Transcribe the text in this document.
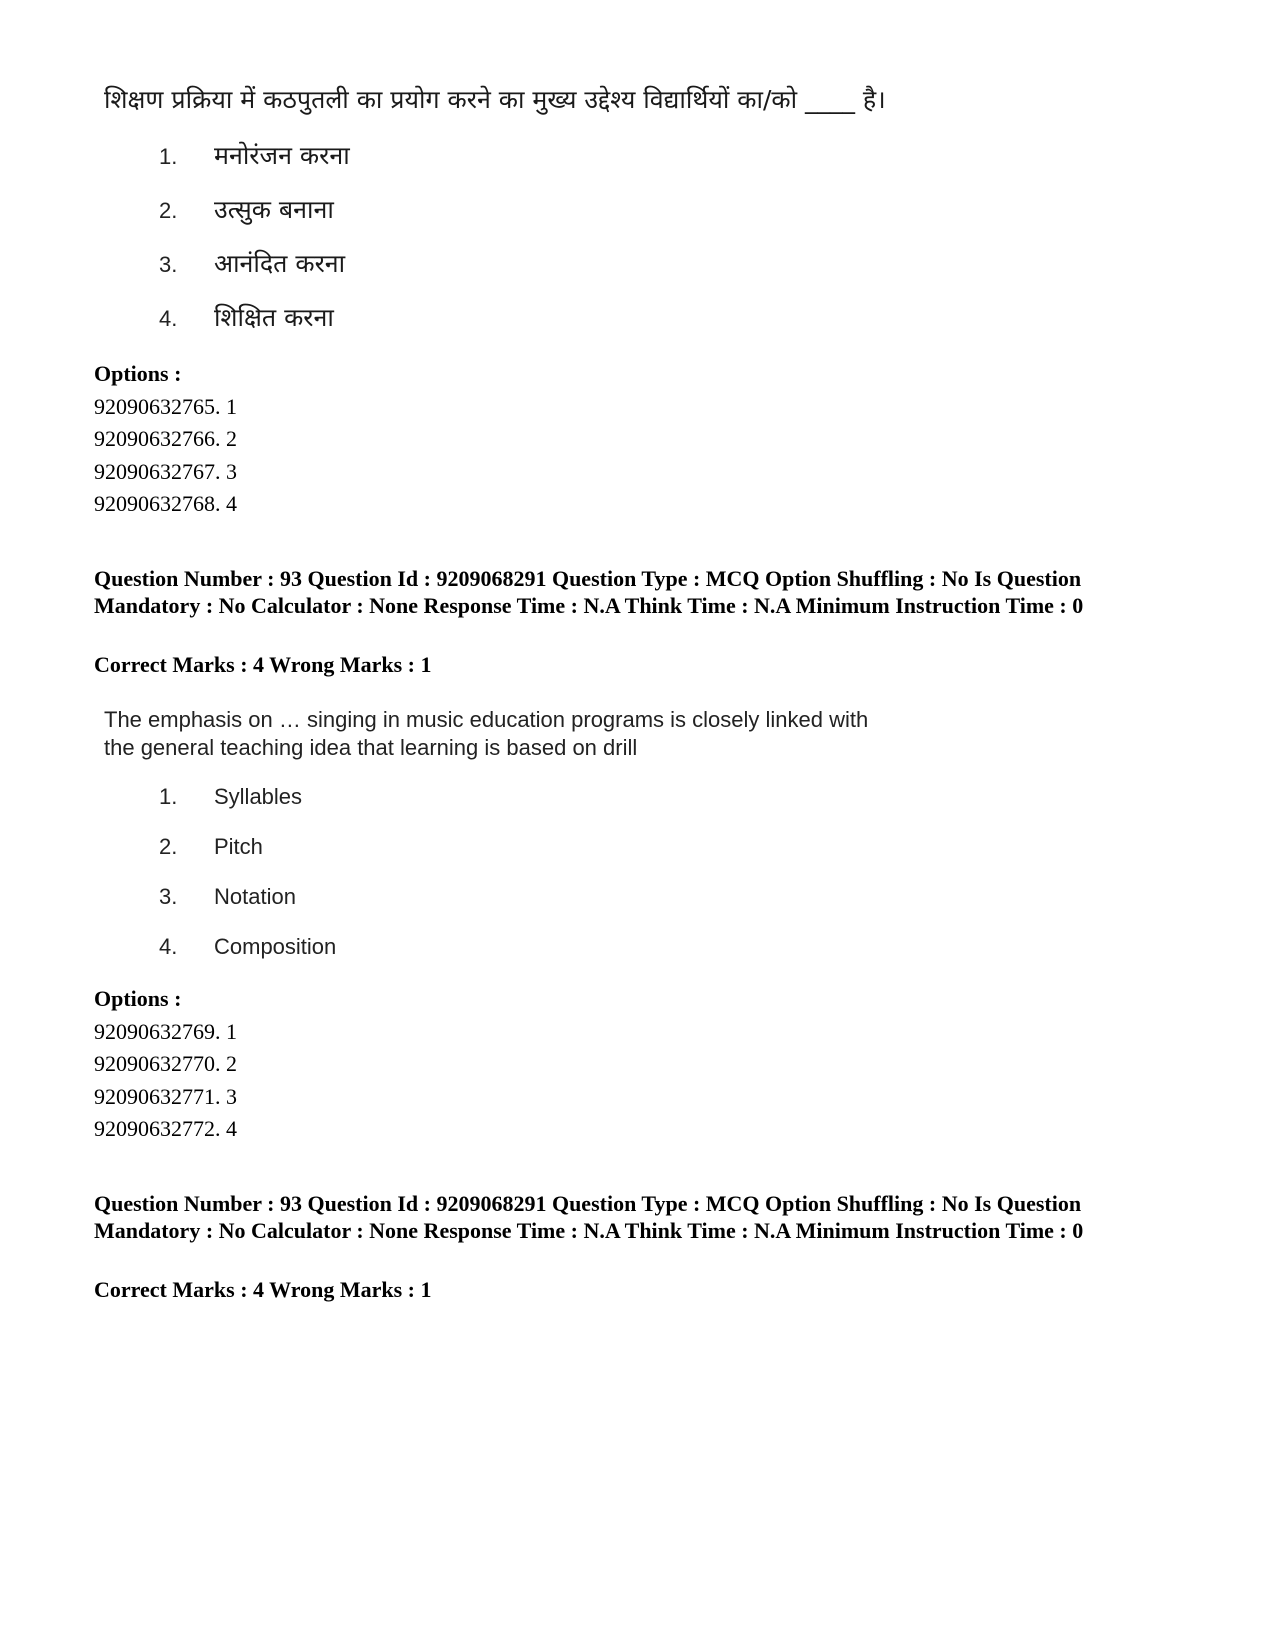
शिक्षण प्रक्रिया में कठपुतली का प्रयोग करने का मुख्य उद्देश्य विद्यार्थियों का/को ____ है।
1. मनोरंजन करना
2. उत्सुक बनाना
3. आनंदित करना
4. शिक्षित करना
Options :
92090632765. 1
92090632766. 2
92090632767. 3
92090632768. 4
Question Number : 93 Question Id : 9209068291 Question Type : MCQ Option Shuffling : No Is Question Mandatory : No Calculator : None Response Time : N.A Think Time : N.A Minimum Instruction Time : 0
Correct Marks : 4 Wrong Marks : 1
The emphasis on … singing in music education programs is closely linked with
the general teaching idea that learning is based on drill
1. Syllables
2. Pitch
3. Notation
4. Composition
Options :
92090632769. 1
92090632770. 2
92090632771. 3
92090632772. 4
Question Number : 93 Question Id : 9209068291 Question Type : MCQ Option Shuffling : No Is Question Mandatory : No Calculator : None Response Time : N.A Think Time : N.A Minimum Instruction Time : 0
Correct Marks : 4 Wrong Marks : 1
